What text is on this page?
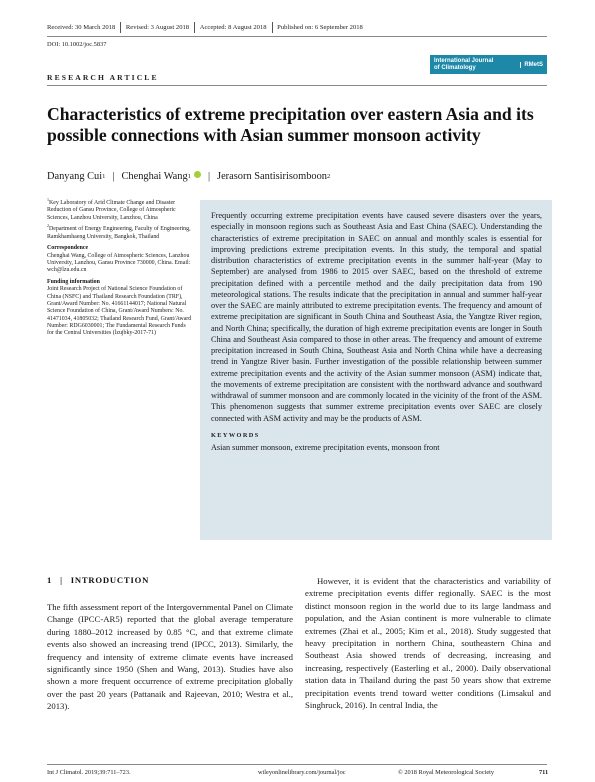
Received: 30 March 2018 Revised: 3 August 2018 Accepted: 8 August 2018 Published on: 6 September 2018
DOI: 10.1002/joc.5837
RESEARCH ARTICLE
International Journal
of Climatology	RMetS
Characteristics of extreme precipitation over eastern Asia and its possible connections with Asian summer monsoon activity
Danyang Cui 1 | Chenghai Wang 1 | Jerasorn Santisirisomboon 2
$^1$Key Laboratory of Arid Climate Change and Disaster Reduction of Gansu Province, College of Atmospheric Sciences, Lanzhou University, Lanzhou, China
$^2$Department of Energy Engineering, Faculty of Engineering, Ramkhamhaeng University, Bangkok, Thailand
Correspondence
Chenghai Wang, College of Atmospheric Sciences, Lanzhou University, Lanzhou, Gansu Province 730000, China. Email: wch@lzu.edu.cn
Funding information
Joint Research Project of National Science Foundation of China (NSFC) and Thailand Research Foundation (TRF), Grant/Award Number: No. 41661144017; National Natural Science Foundation of China, Grant/Award Numbers: No. 41471034, 41805032; Thailand Research Fund, Grant/Award Number: RDG6030001; The Fundamental Research Funds for the Central Universities (lzujbky-2017-71)

Frequently occurring extreme precipitation events have caused severe disasters over the years, especially in monsoon regions such as Southeast Asia and East China (SAEC). Understanding the characteristics of extreme precipitation in SAEC on annual and monthly scales is essential for improving predictions extreme precipitation events. In this study, the temporal and spatial distribution characteristics of extreme precipitation events in the summer half-year (May to September) are analysed from 1986 to 2015 over SAEC, based on the threshold of extreme precipitation defined with a percentile method and the daily precipitation data from 190 meteorological stations. The results indicate that the precipitation in annual and summer half-year over the SAEC are mainly attributed to extreme precipitation events. The frequency and amount of extreme precipitation are significant in South China and Southeast Asia, the Yangtze River region, and North China; specifically, the duration of high extreme precipitation events are longer in South China and Southeast Asia compared to those in other areas. The frequency and amount of extreme precipitation increased in South China, Southeast Asia and North China while have a decreasing trend in Yangtze River basin. Further investigation of the possible relationship between summer extreme precipitation events and the activity of the Asian summer monsoon (ASM) indicate that, the movements of extreme precipitation are consistent with the northward advance and southward withdrawal of summer monsoon and are commonly located in the vicinity of the front of the ASM. This phenomenon suggests that summer extreme precipitation events over SAEC are closely connected with ASM activity and may be the products of ASM.

KEYWORDS
Asian summer monsoon, extreme precipitation events, monsoon front
1 | INTRODUCTION

The fifth assessment report of the Intergovernmental Panel on Climate Change (IPCC-AR5) reported that the global average temperature during 1880–2012 increased by 0.85 °C, and that extreme climate events also showed an increasing trend (IPCC, 2013). Similarly, the frequency and intensity of extreme climate events have increased significantly since 1950 (Shen and Wang, 2013). Studies have also shown a more frequent occurrence of extreme precipitation globally over the past 20 years (Pattanaik and Rajeevan, 2010; Westra et al., 2013).

However, it is evident that the characteristics and variability of extreme precipitation events differ regionally. SAEC is the most distinct monsoon region in the world due to its large landmass and population, and the Asian continent is more vulnerable to climate extremes (Zhai et al., 2005; Kim et al., 2018). Study suggested that heavy precipitation in northern China, southeastern China and Southeast Asia showed trends of decreasing, increasing and increasing, respectively (Easterling et al., 2000). Daily observational station data in Thailand during the past 50 years show that extreme precipitation events trend toward wetter conditions (Limsakul and Singhruck, 2016). In central India, the

Int J Climatol. 2019;39:711–723.	wileyonlinelibrary.com/journal/joc	© 2018 Royal Meteorological Society	711
